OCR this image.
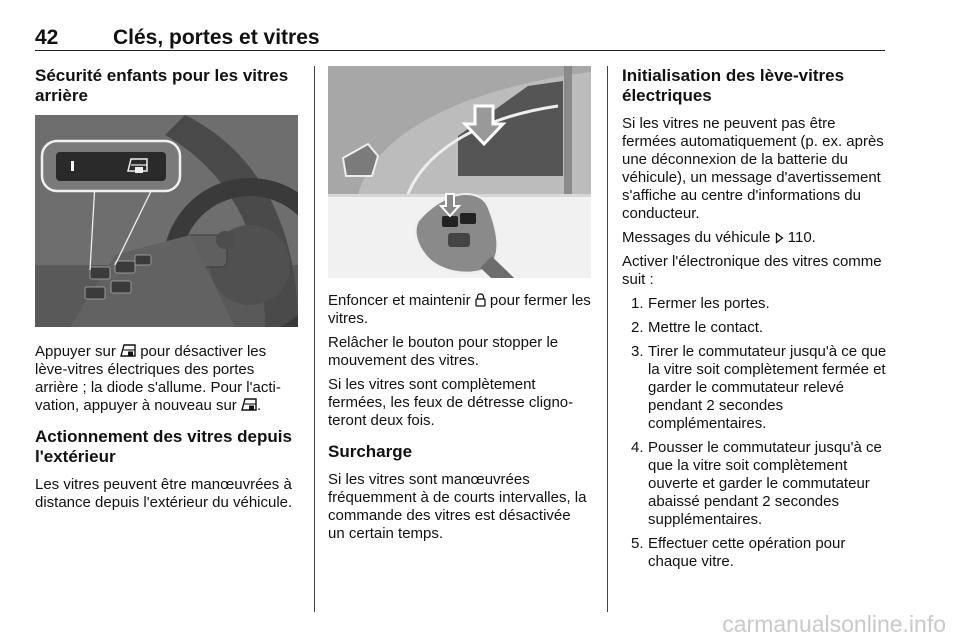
42	Clés, portes et vitres
Sécurité enfants pour les vitres arrière

Appuyer sur pour désactiver les lève-vitres électriques des portes arrière ; la diode s'allume. Pour l'activation, appuyer à nouveau sur .

Actionnement des vitres depuis l'extérieur

Les vitres peuvent être manœuvrées à distance depuis l'extérieur du véhicule.

Enfoncer et maintenir pour fermer les vitres.

Relâcher le bouton pour stopper le mouvement des vitres.

Si les vitres sont complètement fermées, les feux de détresse clignoteront deux fois.

Surcharge

Si les vitres sont manœuvrées fréquemment à de courts intervalles, la commande des vitres est désactivée un certain temps.

Initialisation des lève-vitres électriques

Si les vitres ne peuvent pas être fermées automatiquement (p. ex. après une déconnexion de la batterie du véhicule), un message d'avertissement s'affiche au centre d'informations du conducteur.

Messages du véhicule 110.

Activer l'électronique des vitres comme suit :

1. Fermer les portes.
2. Mettre le contact.
3. Tirer le commutateur jusqu'à ce que la vitre soit complètement fermée et garder le commutateur relevé pendant 2 secondes complémentaires.
4. Pousser le commutateur jusqu'à ce que la vitre soit complètement ouverte et garder le commutateur abaissé pendant 2 secondes supplémentaires.
5. Effectuer cette opération pour chaque vitre.
carmanualsonline.info
